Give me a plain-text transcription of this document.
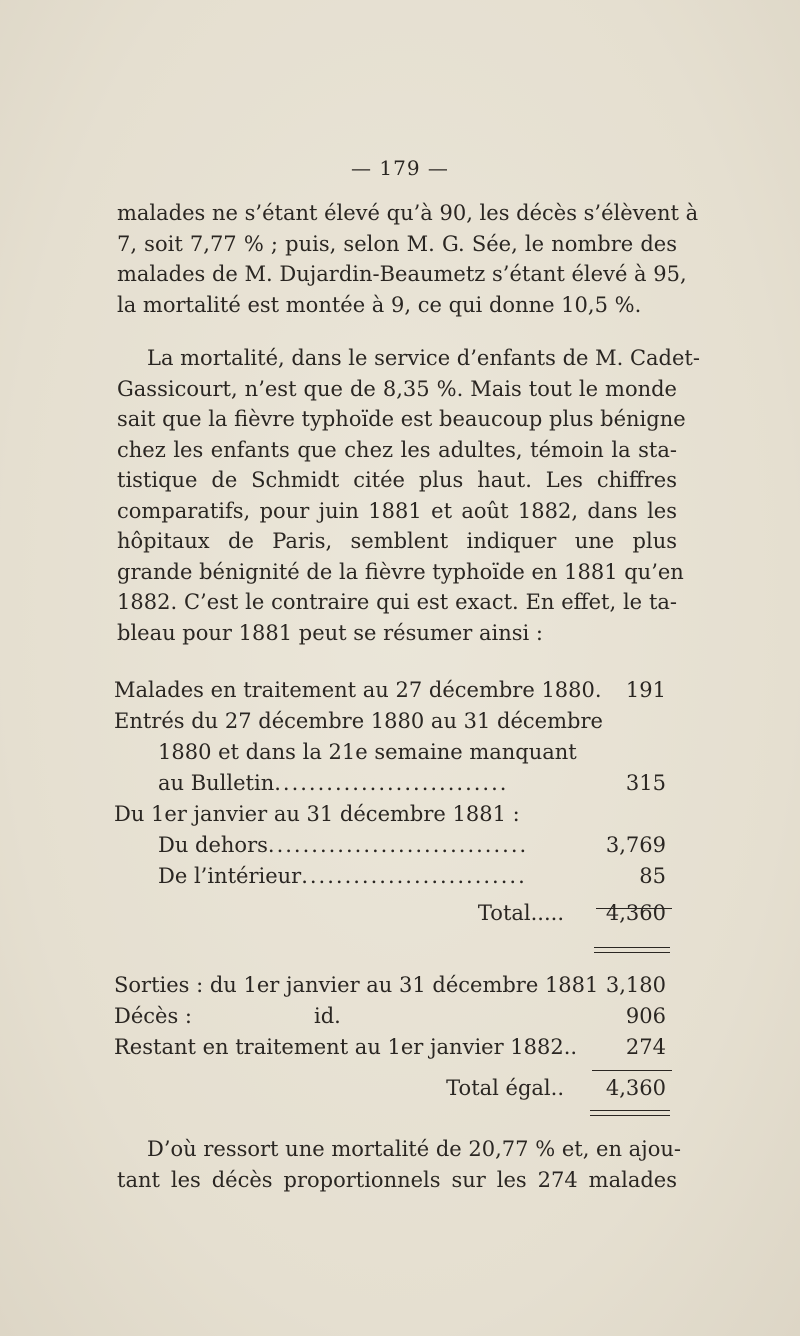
— 179 —
malades ne s’étant élevé qu’à 90, les décès s’élèvent à
7, soit 7,77 % ; puis, selon M. G. Sée, le nombre des
malades de M. Dujardin-Beaumetz s’étant élevé à 95,
la mortalité est montée à 9, ce qui donne 10,5 %.
La mortalité, dans le service d’enfants de M. Cadet-
Gassicourt, n’est que de 8,35 %. Mais tout le monde
sait que la fièvre typhoïde est beaucoup plus bénigne
chez les enfants que chez les adultes, témoin la sta-
tistique de Schmidt citée plus haut. Les chiffres
comparatifs, pour juin 1881 et août 1882, dans les
hôpitaux de Paris, semblent indiquer une plus
grande bénignité de la fièvre typhoïde en 1881 qu’en
1882. C’est le contraire qui est exact. En effet, le ta-
bleau pour 1881 peut se résumer ainsi :
Malades en traitement au 27 décembre 1880. 191
Entrés du 27 décembre 1880 au 31 décembre
1880 et dans la 21e semaine manquant
au Bulletin...........................	315
Du 1er janvier au 31 décembre 1881 :
Du dehors..............................	3,769
De l’intérieur..........................	85
Total..... 4,360
Sorties : du 1er janvier au 31 décembre 1881 3,180
Décès :	id.	906
Restant en traitement au 1er janvier 1882.. 274
Total égal.. 4,360
D’où ressort une mortalité de 20,77 % et, en ajou-
tant les décès proportionnels sur les 274 malades
